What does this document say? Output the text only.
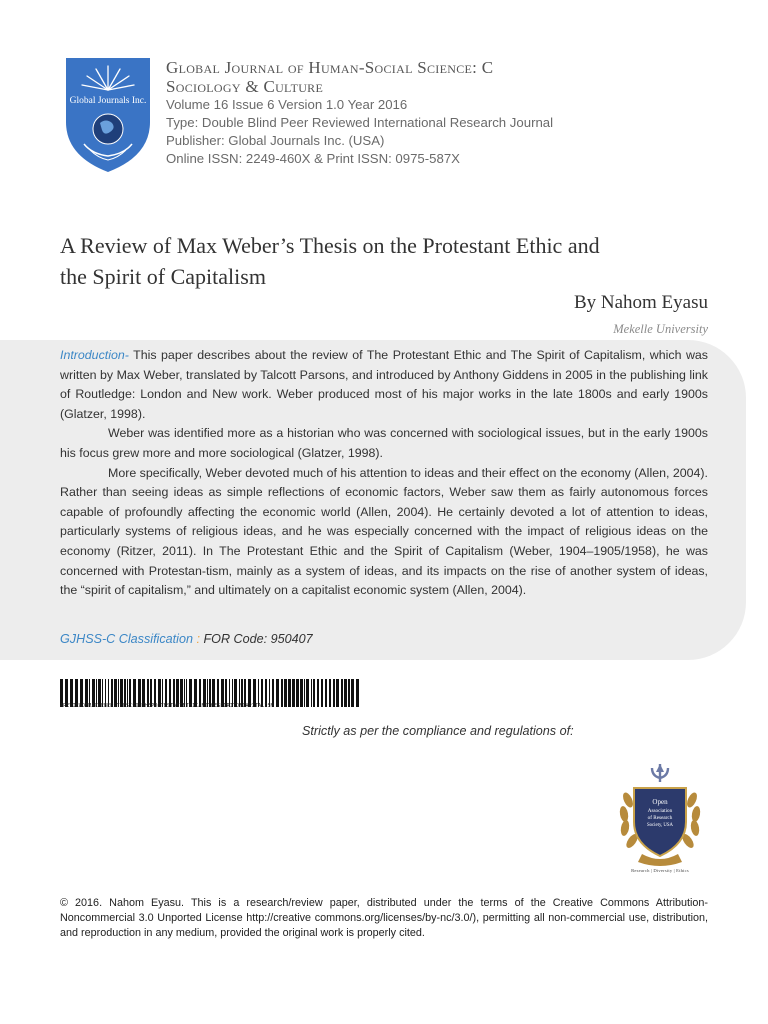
Global Journals Inc.
Global Journal of Human-Social Science: C
Sociology & Culture
Volume 16 Issue 6 Version 1.0 Year 2016
Type: Double Blind Peer Reviewed International Research Journal
Publisher: Global Journals Inc. (USA)
Online ISSN: 2249-460X & Print ISSN: 0975-587X
A Review of Max Weber’s Thesis on the Protestant Ethic and
the Spirit of Capitalism
By Nahom Eyasu
Mekelle University

Introduction- This paper describes about the review of The Protestant Ethic and The Spirit of Capitalism, which was written by Max Weber, translated by Talcott Parsons, and introduced by Anthony Giddens in 2005 in the publishing link of Routledge: London and New work. Weber produced most of his major works in the late 1800s and early 1900s (Glatzer, 1998).

Weber was identified more as a historian who was concerned with sociological issues, but in the early 1900s his focus grew more and more sociological (Glatzer, 1998).

More specifically, Weber devoted much of his attention to ideas and their effect on the economy (Allen, 2004). Rather than seeing ideas as simple reflections of economic factors, Weber saw them as fairly autonomous forces capable of profoundly affecting the economic world (Allen, 2004). He certainly devoted a lot of attention to ideas, particularly systems of religious ideas, and he was especially concerned with the impact of religious ideas on the economy (Ritzer, 2011). In The Protestant Ethic and the Spirit of Capitalism (Weber, 1904–1905/1958), he was concerned with Protestan-tism, mainly as a system of ideas, and its impacts on the rise of another system of ideas, the “spirit of capitalism,” and ultimately on a capitalist economic system (Allen, 2004).

GJHSS-C Classification : FOR Code: 950407
AREVIEWOFMAXWEBERSTHESISONTHEPROTESTANTETHICANDTHESPIRITOFCAPITALISM
Strictly as per the compliance and regulations of:
Open
Association
of Research
Society, USA
Research | Diversity | Ethics
© 2016. Nahom Eyasu. This is a research/review paper, distributed under the terms of the Creative Commons Attribution-Noncommercial 3.0 Unported License http://creative commons.org/licenses/by-nc/3.0/), permitting all non-commercial use, distribution, and reproduction in any medium, provided the original work is properly cited.
